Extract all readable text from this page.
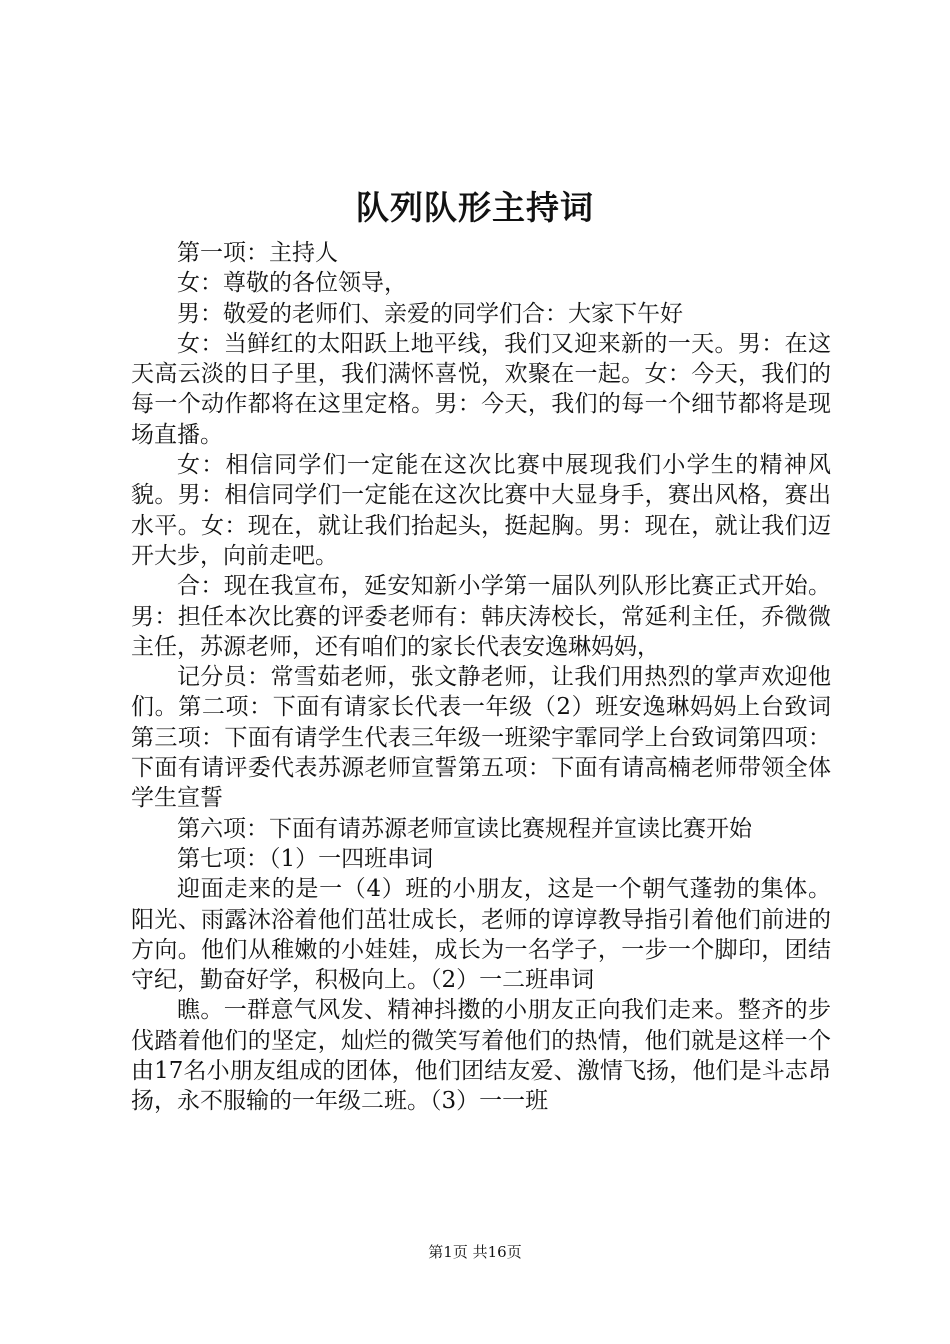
队列队形主持词

第一项：主持人

女：尊敬的各位领导，

男：敬爱的老师们、亲爱的同学们合：大家下午好

女：当鲜红的太阳跃上地平线，我们又迎来新的一天。男：在这天高云淡的日子里，我们满怀喜悦，欢聚在一起。女：今天，我们的每一个动作都将在这里定格。男：今天，我们的每一个细节都将是现场直播。

女：相信同学们一定能在这次比赛中展现我们小学生的精神风貌。男：相信同学们一定能在这次比赛中大显身手，赛出风格，赛出水平。女：现在，就让我们抬起头，挺起胸。男：现在，就让我们迈开大步，向前走吧。

合：现在我宣布，延安知新小学第一届队列队形比赛正式开始。男：担任本次比赛的评委老师有：韩庆涛校长，常延利主任，乔微微主任，苏源老师，还有咱们的家长代表安逸琳妈妈，

记分员：常雪茹老师，张文静老师，让我们用热烈的掌声欢迎他们。第二项：下面有请家长代表一年级（2）班安逸琳妈妈上台致词第三项：下面有请学生代表三年级一班梁宇霏同学上台致词第四项：下面有请评委代表苏源老师宣誓第五项：下面有请高楠老师带领全体学生宣誓

第六项：下面有请苏源老师宣读比赛规程并宣读比赛开始

第七项：（1）一四班串词

迎面走来的是一（4）班的小朋友，这是一个朝气蓬勃的集体。阳光、雨露沐浴着他们茁壮成长，老师的谆谆教导指引着他们前进的方向。他们从稚嫩的小娃娃，成长为一名学子，一步一个脚印，团结守纪，勤奋好学，积极向上。（2）一二班串词

瞧。一群意气风发、精神抖擞的小朋友正向我们走来。整齐的步伐踏着他们的坚定，灿烂的微笑写着他们的热情，他们就是这样一个由17名小朋友组成的团体，他们团结友爱、激情飞扬，他们是斗志昂扬，永不服输的一年级二班。（3）一一班

第1页 共16页
